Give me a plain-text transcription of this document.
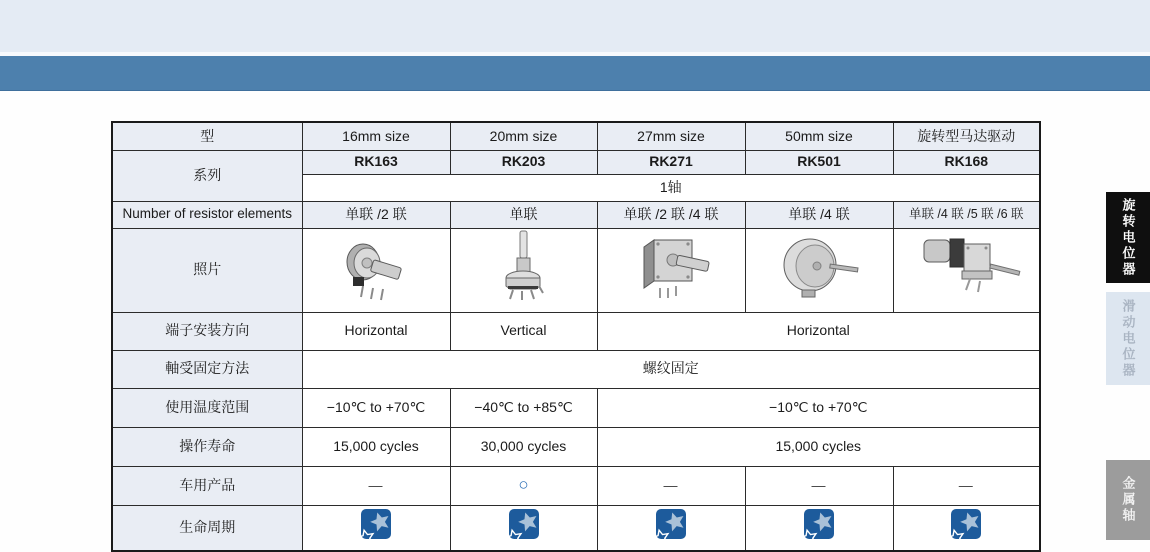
型	16mm size	20mm size	27mm size	50mm size	旋转型马达驱动
系列	RK163	RK203	RK271	RK501	RK168
	1轴				
Number of resistor elements	单联 /2 联	单联	单联 /2 联 /4 联	单联 /4 联	单联 /4 联 /5 联 /6 联
照片					
端子安装方向	Horizontal	Vertical	Horizontal		
軸受固定方法	螺纹固定				
使用温度范围	−10℃ to +70℃	−40℃ to +85℃	−10℃ to +70℃		
操作寿命	15,000 cycles	30,000 cycles	15,000 cycles		
车用产品	—	○	—	—	—
生命周期	

旋转电位器
滑动电位器
金属轴
